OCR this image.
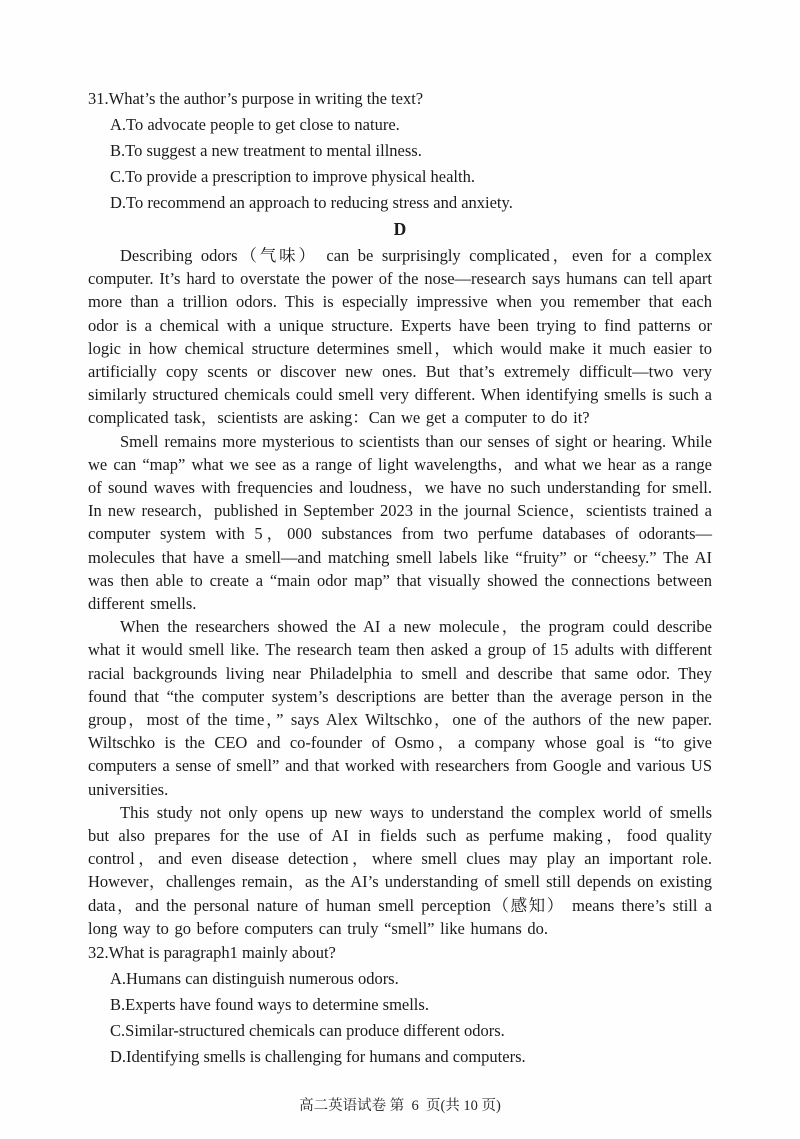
31.What’s the author’s purpose in writing the text?
A.To advocate people to get close to nature.
B.To suggest a new treatment to mental illness.
C.To provide a prescription to improve physical health.
D.To recommend an approach to reducing stress and anxiety.
D

Describing odors（气味） can be surprisingly complicated，even for a complex computer. It’s hard to overstate the power of the nose—research says humans can tell apart more than a trillion odors. This is especially impressive when you remember that each odor is a chemical with a unique structure. Experts have been trying to find patterns or logic in how chemical structure determines smell，which would make it much easier to artificially copy scents or discover new ones. But that’s extremely difficult—two very similarly structured chemicals could smell very different. When identifying smells is such a complicated task，scientists are asking：Can we get a computer to do it?

Smell remains more mysterious to scientists than our senses of sight or hearing. While we can “map” what we see as a range of light wavelengths，and what we hear as a range of sound waves with frequencies and loudness，we have no such understanding for smell. In new research，published in September 2023 in the journal Science，scientists trained a computer system with 5，000 substances from two perfume databases of odorants—molecules that have a smell—and matching smell labels like “fruity” or “cheesy.” The AI was then able to create a “main odor map” that visually showed the connections between different smells.

When the researchers showed the AI a new molecule，the program could describe what it would smell like. The research team then asked a group of 15 adults with different racial backgrounds living near Philadelphia to smell and describe that same odor. They found that “the computer system’s descriptions are better than the average person in the group，most of the time，” says Alex Wiltschko，one of the authors of the new paper. Wiltschko is the CEO and co-founder of Osmo，a company whose goal is “to give computers a sense of smell” and that worked with researchers from Google and various US universities.

This study not only opens up new ways to understand the complex world of smells but also prepares for the use of AI in fields such as perfume making，food quality control，and even disease detection，where smell clues may play an important role. However，challenges remain，as the AI’s understanding of smell still depends on existing data，and the personal nature of human smell perception（感知） means there’s still a long way to go before computers can truly “smell” like humans do.

32.What is paragraph1 mainly about?
A.Humans can distinguish numerous odors.
B.Experts have found ways to determine smells.
C.Similar-structured chemicals can produce different odors.
D.Identifying smells is challenging for humans and computers.
高二英语试卷 第  6  页(共 10 页)
